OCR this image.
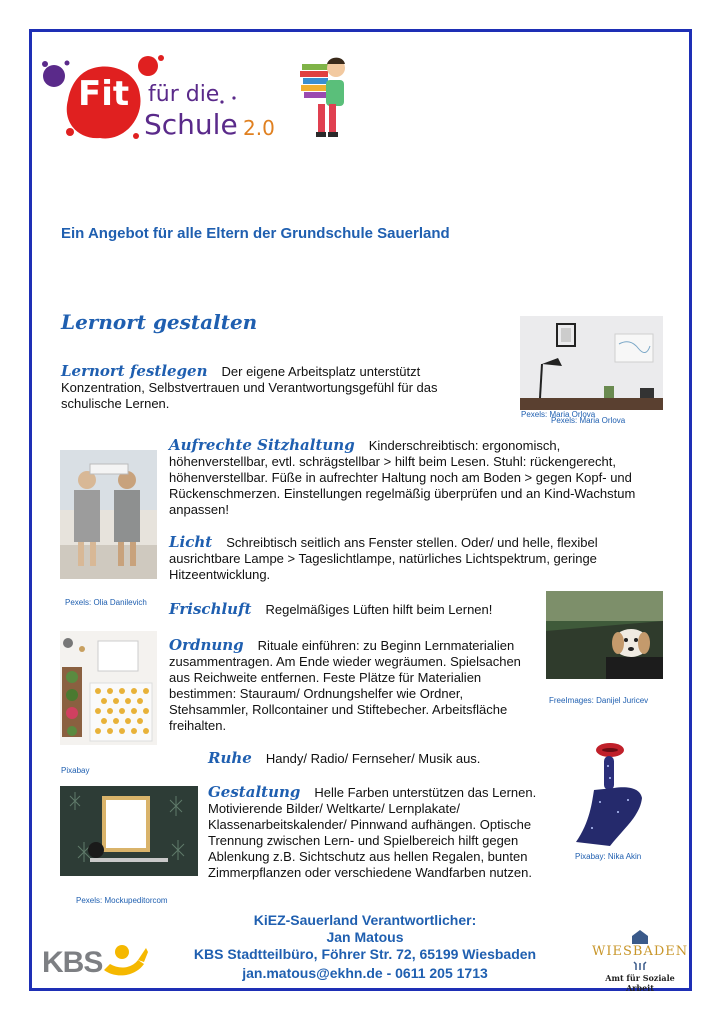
Fit für die
Schule 2.0
Ein Angebot für alle Eltern der Grundschule Sauerland
Lernort gestalten
Pexels: Maria Orlova
Pexels: Maria Orlova
Lernort festlegen Der eigene Arbeitsplatz unterstützt Konzentration, Selbstvertrauen und Verantwortungsgefühl für das schulische Lernen.
Pexels: Olia Danilevich
Aufrechte Sitzhaltung Kinderschreibtisch: ergonomisch, höhenverstellbar, evtl. schrägstellbar > hilft beim Lesen. Stuhl: rückengerecht, höhenverstellbar. Füße in aufrechter Haltung noch am Boden > gegen Kopf- und Rückenschmerzen. Einstellungen regelmäßig überprüfen und an Kind-Wachstum anpassen!
Licht Schreibtisch seitlich ans Fenster stellen. Oder/ und helle, flexibel ausrichtbare Lampe > Tageslichtlampe, natürliches Lichtspektrum, geringe Hitzeentwicklung.
FreeImages: Danijel Juricev
Frischluft Regelmäßiges Lüften hilft beim Lernen!
Pixabay
Ordnung Rituale einführen: zu Beginn Lernmaterialien zusammentragen. Am Ende wieder wegräumen. Spielsachen aus Reichweite entfernen. Feste Plätze für Materialien bestimmen: Stauraum/ Ordnungshelfer wie Ordner, Stehsammler, Rollcontainer und Stiftebecher. Arbeitsfläche freihalten.
Ruhe Handy/ Radio/ Fernseher/ Musik aus.
Pixabay: Nika Akin
Pexels: Mockupeditorcom
Gestaltung Helle Farben unterstützen das Lernen. Motivierende Bilder/ Weltkarte/ Lernplakate/ Klassenarbeitskalender/ Pinnwand aufhängen. Optische Trennung zwischen Lern- und Spielbereich hilft gegen Ablenkung z.B. Sichtschutz aus hellen Regalen, bunten Zimmerpflanzen oder verschiedene Wandfarben nutzen.
KiEZ-Sauerland Verantwortlicher:
Jan Matous
KBS Stadtteilbüro, Föhrer Str. 72, 65199 Wiesbaden
jan.matous@ekhn.de - 0611 205 1713
KBS	WIESBADEN
Amt für Soziale Arbeit
